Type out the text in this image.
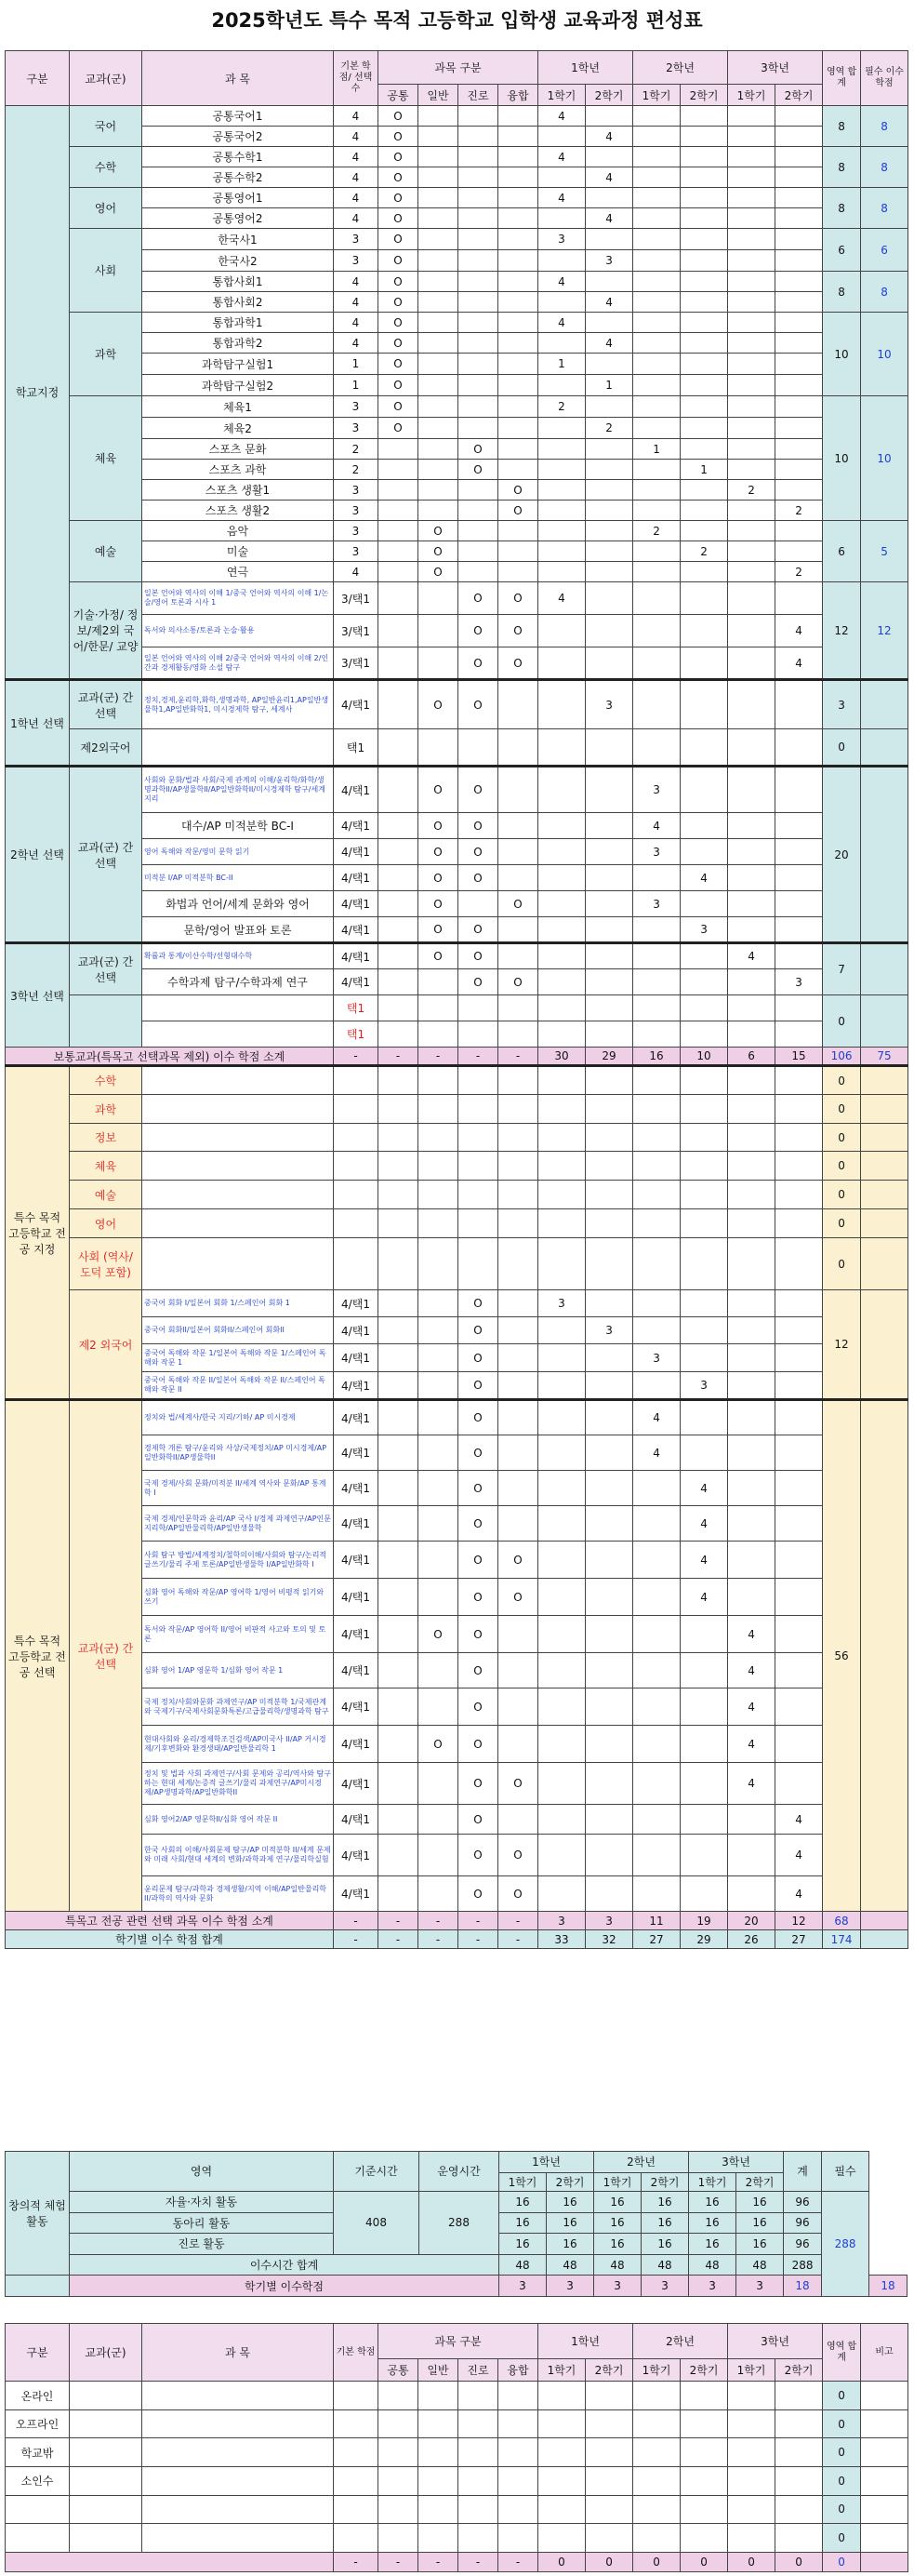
2025학년도 특수 목적 고등학교 입학생 교육과정 편성표
구분	교과(군)	과 목	기본 학점/ 선택수	과목 구분				1학년		2학년		3학년		영역 합계	필수 이수학점
				공통	일반	진로	융합	1학기	2학기	1학기	2학기	1학기	2학기		
학교지정	국어	공통국어1	4	O				4						8	8
		공통국어2	4	O					4						
	수학	공통수학1	4	O				4						8	8
		공통수학2	4	O					4						
	영어	공통영어1	4	O				4						8	8
		공통영어2	4	O					4						
	사회	한국사1	3	O				3						6	6
		한국사2	3	O					3						
		통합사회1	4	O				4						8	8
		통합사회2	4	O					4						
	과학	통합과학1	4	O				4						10	10
		통합과학2	4	O					4						
		과학탐구실험1	1	O				1							
		과학탐구실험2	1	O					1						
	체육	체육1	3	O				2						10	10
		체육2	3	O					2						
		스포츠 문화	2			O				1					
		스포츠 과학	2			O					1				
		스포츠 생활1	3				O					2			
		스포츠 생활2	3				O						2		
	예술	음악	3		O					2				6	5
		미술	3		O						2				
		연극	4		O								2		
	기술·가정/ 정보/제2외 국어/한문/ 교양	일본 언어와 역사의 이해 1/중국 언어와 역사의 이해 1/논술/영어 토론과 시사 1	3/택1			O	O	4						12	12
		독서와 의사소통/토론과 논술·활용	3/택1			O	O						4		
		일본 언어와 역사의 이해 2/중국 언어와 역사의 이해 2/인간과 경제활동/영화 소설 탐구	3/택1			O	O						4		
1학년 선택	교과(군) 간 선택	정치,경제,윤리학,화학,생명과학, AP일반윤리1,AP일반생물학1,AP일반화학1, 미시경제학 탐구, 세계사	4/택1		O	O			3					3	
	제2외국어		택1											0	
2학년 선택	교과(군) 간 선택	사회와 문화/법과 사회/국제 관계의 이해/윤리학/화학/생명과학II/AP생물학II/AP일반화학II/미시경제학 탐구/세계지리	4/택1		O	O				3				20	
		대수/AP 미적분학 BC-I	4/택1		O	O				4					
		영어 독해와 작문/영미 문학 읽기	4/택1		O	O				3					
		미적분 I/AP 미적분학 BC-II	4/택1		O	O					4				
		화법과 언어/세계 문화와 영어	4/택1		O		O			3					
		문학/영어 발표와 토론	4/택1		O	O					3				
3학년 선택	교과(군) 간 선택	확률과 통계/이산수학/선형대수학	4/택1		O	O						4		7	
		수학과제 탐구/수학과제 연구	4/택1			O	O						3		
			택1											0	
			택1												
보통교과(특목고 선택과목 제외) 이수 학점 소계			-	-	-	-	-	30	29	16	10	6	15	106	75
특수 목적 고등학교 전공 지정	수학													0	
	과학													0	
	정보													0	
	체육													0	
	예술													0	
	영어													0	
	사회 (역사/ 도덕 포함)													0	
	제2 외국어	중국어 회화 I/일본어 회화 1/스페인어 회화 1	4/택1			O		3						12	
		중국어 회화II/일본어 회화II/스페인어 회화II	4/택1			O			3						
		중국어 독해와 작문 1/일본어 독해와 작문 1/스페인어 독해와 작문 1	4/택1			O				3					
		중국어 독해와 작문 II/일본어 독해와 작문 II/스페인어 독해와 작문 II	4/택1			O					3				
특수 목적 고등학교 전공 선택	교과(군) 간 선택	정치와 법/세계사/한국 지리/기하/ AP 미시경제	4/택1			O				4				56	
		경제학 개론 탐구/윤리와 사상/국제정치/AP 미시경제/AP일반화학II/AP생물학II	4/택1			O				4					
		국제 경제/사회 문화/미적분 II/세계 역사와 문화/AP 통계학 I	4/택1			O					4				
		국제 경제/인문학과 윤리/AP 국사 I/경제 과제연구/AP인문지리학/AP일반물리학/AP일반생물학	4/택1			O					4				
		사회 탐구 방법/세계정치/철학의이해/사회와 탐구/논리적 글쓰기/물리 주제 토론/AP일반생물학 I/AP일반화학 I	4/택1			O	O				4				
		심화 영어 독해와 작문/AP 영어학 1/영어 비평적 읽기와 쓰기	4/택1			O	O				4				
		독서와 작문/AP 영어학 II/영어 비판적 사고와 토의 및 토론	4/택1		O	O						4			
		심화 영어 1/AP 영문학 1/심화 영어 작문 1	4/택1			O						4			
		국제 정치/사회와문화 과제연구/AP 미적분학 1/국제관계와 국제기구/국제사회문화특론/고급물리학/생명과학 탐구	4/택1			O						4			
		현대사회와 윤리/경제학조건검색/AP미국사 II/AP 거시경제/기후변화와 환경생태/AP일반물리학 1	4/택1		O	O						4			
		정치 및 법과 사회 과제연구/사회 문제와 공리/역사와 탐구하는 현대 세계/논증적 글쓰기/물리 과제연구/AP미시경제/AP생명과학/AP일반화학II	4/택1			O	O					4			
		심화 영어2/AP 영문학II/심화 영어 작문 II	4/택1			O							4		
		한국 사회의 이해/사회문제 탐구/AP 미적분학 II/세계 문제와 미래 사회/현대 세계의 변화/과학과제 연구/물리학실험	4/택1			O	O						4		
		윤리문제 탐구/과학과 경제생활/지역 이해/AP일반물리학II/과학의 역사와 문화	4/택1			O	O						4		
특목고 전공 관련 선택 과목 이수 학점 소계			-	-	-	-	-	3	3	11	19	20	12	68	
학기별 이수 학점 합계			-	-	-	-	-	33	32	27	29	26	27	174	
창의적 체험활동	영역	기준시간	운영시간	1학년		2학년		3학년		계	필수	
				1학기	2학기	1학기	2학기	1학기	2학기			
	자율·자치 활동	408	288	16	16	16	16	16	16	96	288	
	동아리 활동			16	16	16	16	16	16	96		
	진로 활동			16	16	16	16	16	16	96		
	이수시간 합계			48	48	48	48	48	48	288		
	학기별 이수학점			3	3	3	3	3	3	18		18
구분	교과(군)	과 목	기본 학점	과목 구분				1학년		2학년		3학년		영역 합계	비고
				공통	일반	진로	융합	1학기	2학기	1학기	2학기	1학기	2학기		
온라인														0	
오프라인														0	
학교밖														0	
소인수														0	
														0	
														0	
			-	-	-	-	-	0	0	0	0	0	0	0	
